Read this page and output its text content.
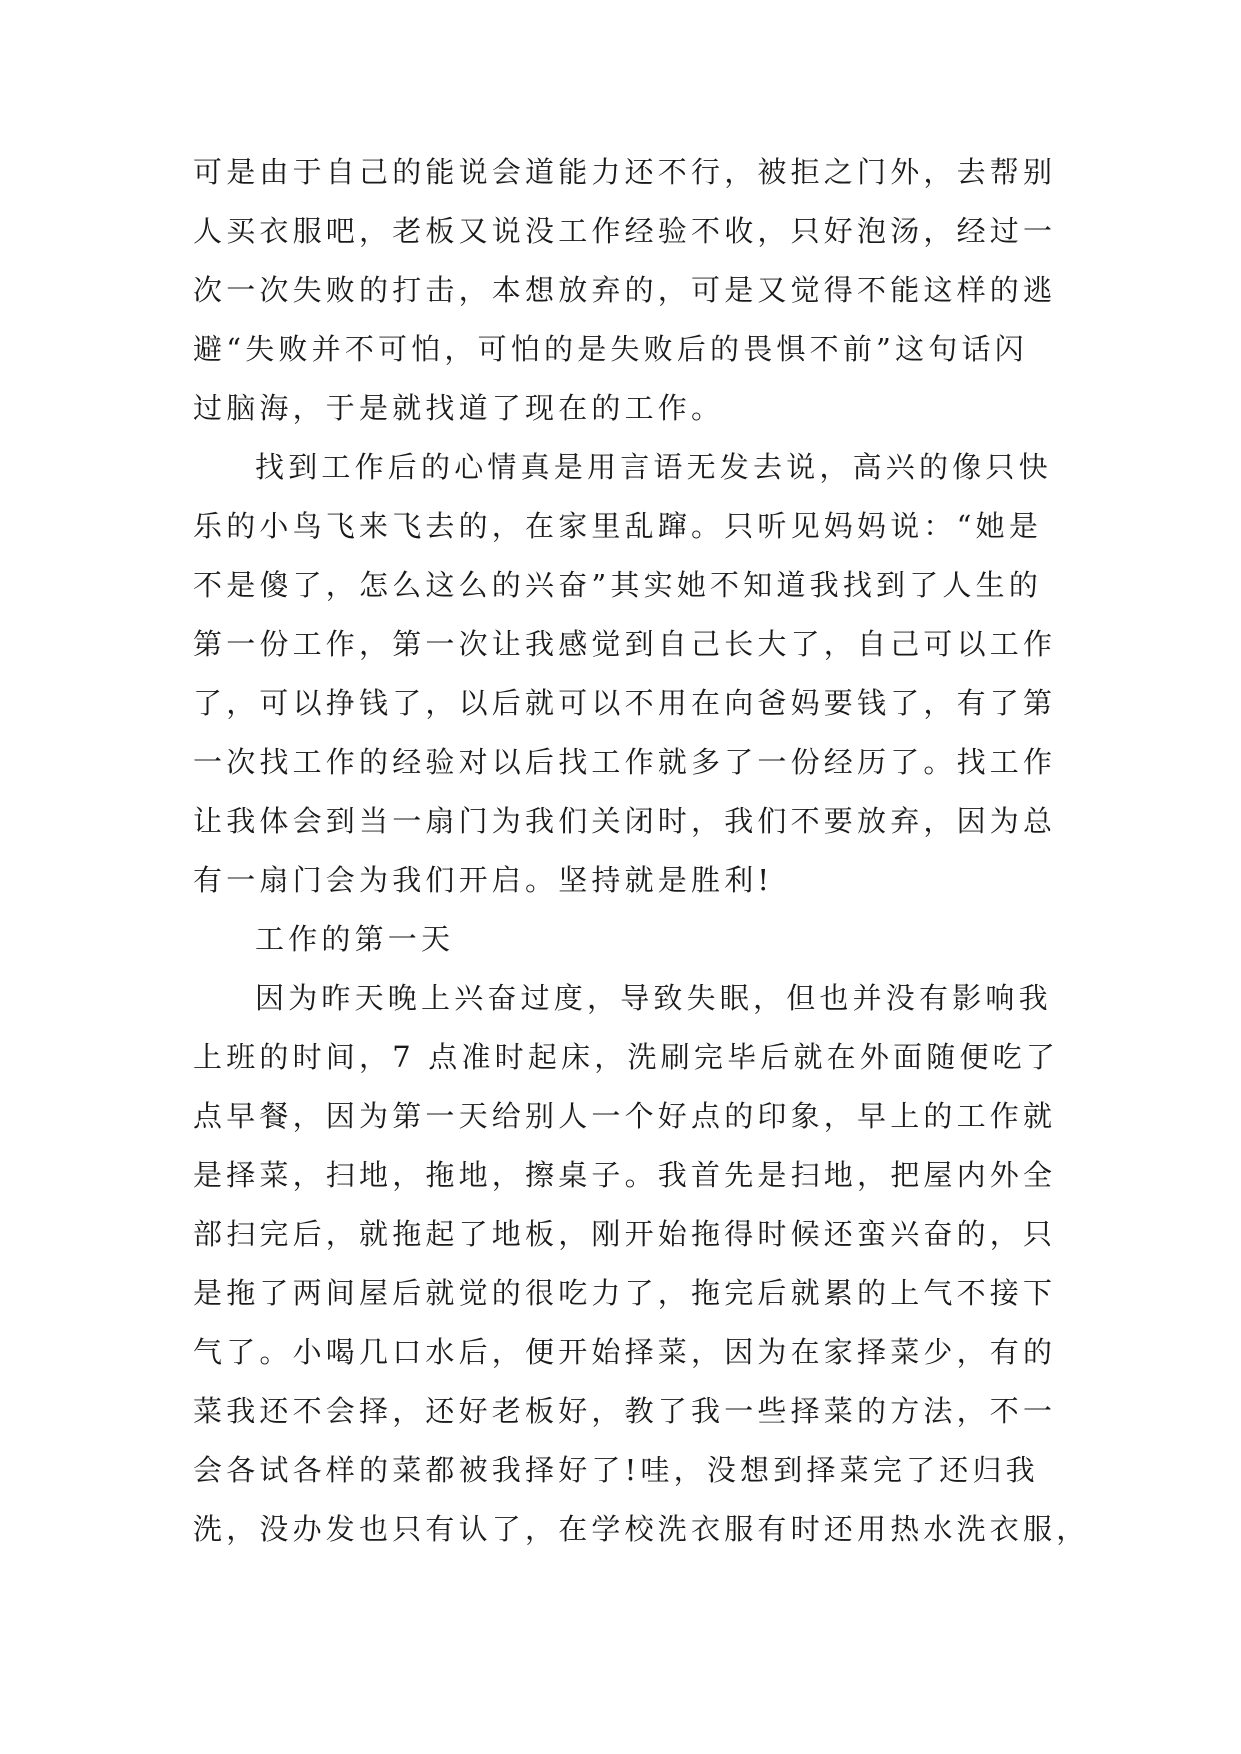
可是由于自己的能说会道能力还不行，被拒之门外，去帮别
人买衣服吧，老板又说没工作经验不收，只好泡汤，经过一
次一次失败的打击，本想放弃的，可是又觉得不能这样的逃
避“失败并不可怕，可怕的是失败后的畏惧不前”这句话闪
过脑海，于是就找道了现在的工作。
找到工作后的心情真是用言语无发去说，高兴的像只快
乐的小鸟飞来飞去的，在家里乱蹿。只听见妈妈说：“她是
不是傻了，怎么这么的兴奋”其实她不知道我找到了人生的
第一份工作，第一次让我感觉到自己长大了，自己可以工作
了，可以挣钱了，以后就可以不用在向爸妈要钱了，有了第
一次找工作的经验对以后找工作就多了一份经历了。找工作
让我体会到当一扇门为我们关闭时，我们不要放弃，因为总
有一扇门会为我们开启。坚持就是胜利!
工作的第一天
因为昨天晚上兴奋过度，导致失眠，但也并没有影响我
上班的时间，7 点准时起床，洗刷完毕后就在外面随便吃了
点早餐，因为第一天给别人一个好点的印象，早上的工作就
是择菜，扫地，拖地，擦桌子。我首先是扫地，把屋内外全
部扫完后，就拖起了地板，刚开始拖得时候还蛮兴奋的，只
是拖了两间屋后就觉的很吃力了，拖完后就累的上气不接下
气了。小喝几口水后，便开始择菜，因为在家择菜少，有的
菜我还不会择，还好老板好，教了我一些择菜的方法，不一
会各试各样的菜都被我择好了!哇，没想到择菜完了还归我
洗，没办发也只有认了，在学校洗衣服有时还用热水洗衣服，
